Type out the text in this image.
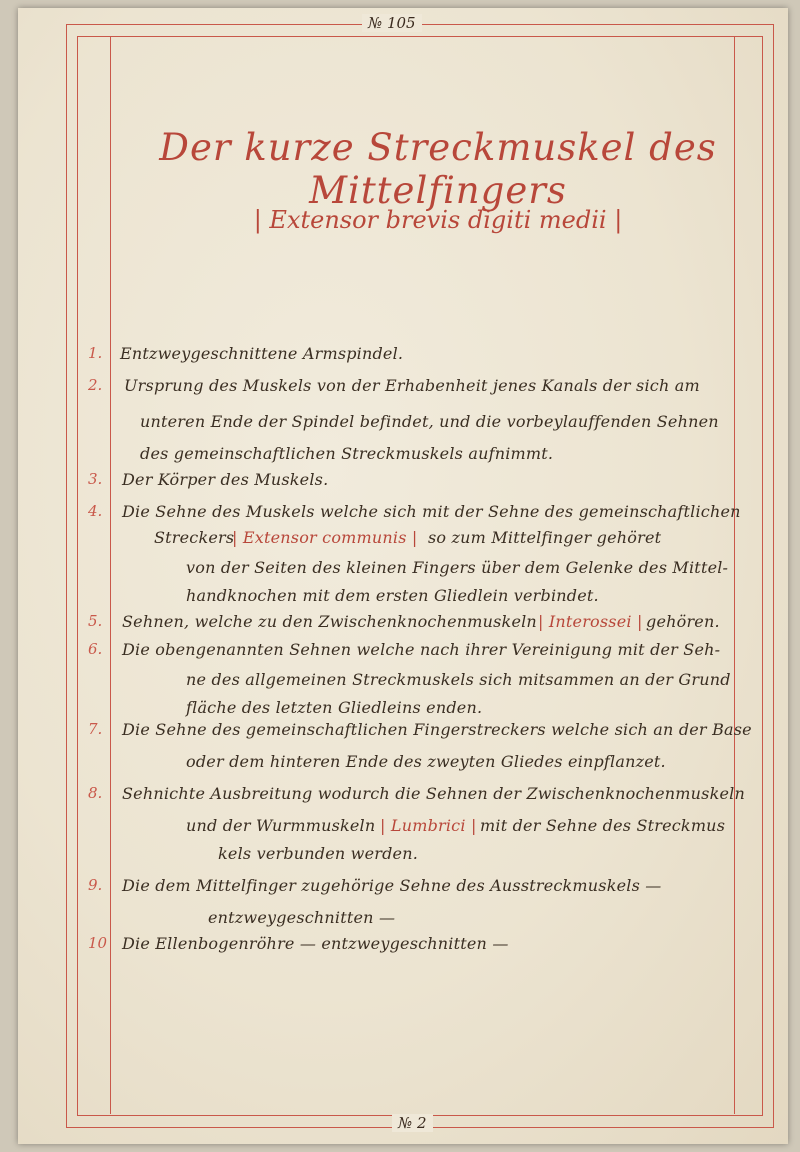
№ 105
№ 2
Der kurze Streckmuskel des Mittelfingers
| Extensor brevis digiti medii |
1.	Entzweygeschnittene Armspindel.
2.	Ursprung des Muskels von der Erhabenheit jenes Kanals der sich am
unteren Ende der Spindel befindet, und die vorbeylauffenden Sehnen
des gemeinschaftlichen Streckmuskels aufnimmt.
3.	Der Körper des Muskels.
4.	Die Sehne des Muskels welche sich mit der Sehne des gemeinschaftlichen
Streckers
| Extensor communis | so zum Mittelfinger gehöret
von der Seiten des kleinen Fingers über dem Gelenke des Mittel-
handknochen mit dem ersten Gliedlein verbindet.
5.	Sehnen, welche zu den Zwischenknochenmuskeln | Interossei | gehören.
6.	Die obengenannten Sehnen welche nach ihrer Vereinigung mit der Seh-
ne des allgemeinen Streckmuskels sich mitsammen an der Grund
fläche des letzten Gliedleins enden.
7.	Die Sehne des gemeinschaftlichen Fingerstreckers welche sich an der Base
oder dem hinteren Ende des zweyten Gliedes einpflanzet.
8.	Sehnichte Ausbreitung wodurch die Sehnen der Zwischenknochenmuskeln
und der Wurmmuskeln | Lumbrici | mit der Sehne des Streckmus
kels verbunden werden.
9.	Die dem Mittelfinger zugehörige Sehne des Ausstreckmuskels —
entzweygeschnitten —
10 Die Ellenbogenröhre — entzweygeschnitten —
